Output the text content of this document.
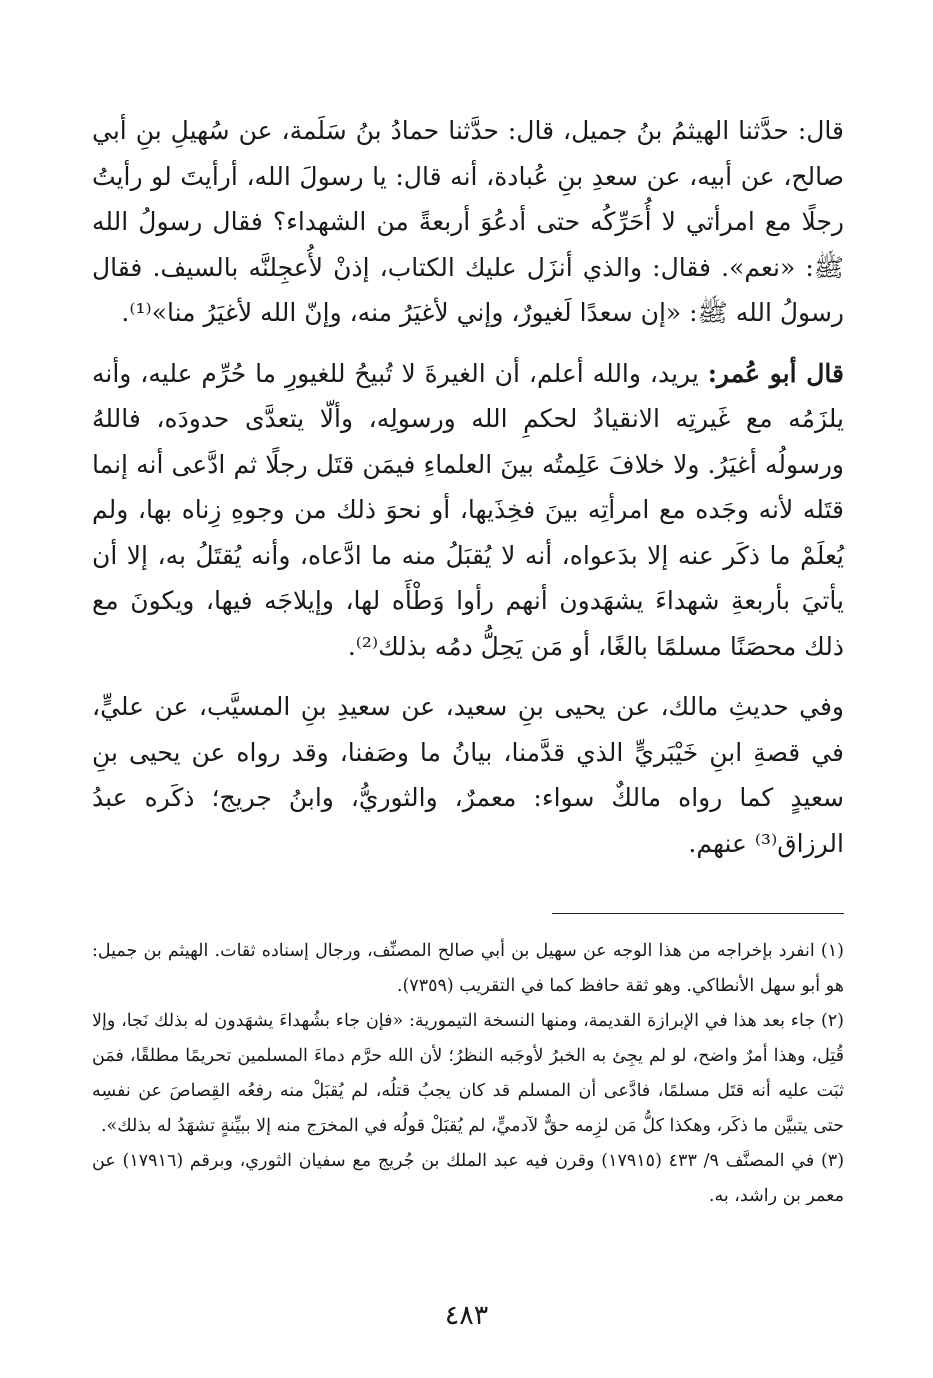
قال: حدَّثنا الهيثمُ بنُ جميل، قال: حدَّثنا حمادُ بنُ سَلَمة، عن سُهيلِ بنِ أبي صالح، عن أبيه، عن سعدِ بنِ عُبادة، أنه قال: يا رسولَ الله، أرأيتَ لو رأيتُ رجلًا مع امرأتي لا أُحَرِّكُه حتى أدعُوَ أربعةً من الشهداء؟ فقال رسولُ الله ﷺ: «نعم». فقال: والذي أنزَل عليك الكتاب، إذنْ لأُعجِلنَّه بالسيف. فقال رسولُ الله ﷺ: «إن سعدًا لَغيورٌ، وإني لأغيَرُ منه، وإنّ الله لأغيَرُ منا»⁽¹⁾.

قال أبو عُمر: يريد، والله أعلم، أن الغيرةَ لا تُبيحُ للغيورِ ما حُرِّم عليه، وأنه يلزَمُه مع غَيرتِه الانقيادُ لحكمِ الله ورسولِه، وألّا يتعدَّى حدودَه، فاللهُ ورسولُه أغيَرُ. ولا خلافَ عَلِمتُه بينَ العلماءِ فيمَن قتَل رجلًا ثم ادَّعى أنه إنما قتَله لأنه وجَده مع امرأتِه بينَ فخِذَيها، أو نحوَ ذلك من وجوهِ زِناه بها، ولم يُعلَمْ ما ذكَر عنه إلا بدَعواه، أنه لا يُقبَلُ منه ما ادَّعاه، وأنه يُقتَلُ به، إلا أن يأتيَ بأربعةِ شهداءَ يشهَدون أنهم رأوا وَطْأَه لها، وإيلاجَه فيها، ويكونَ مع ذلك محصَنًا مسلمًا بالغًا، أو مَن يَحِلُّ دمُه بذلك⁽²⁾.

وفي حديثِ مالك، عن يحيى بنِ سعيد، عن سعيدِ بنِ المسيَّب، عن عليٍّ، في قصةِ ابنِ خَيْبَريٍّ الذي قدَّمنا، بيانُ ما وصَفنا، وقد رواه عن يحيى بنِ سعيدٍ كما رواه مالكٌ سواء: معمرٌ، والثوريُّ، وابنُ جريج؛ ذكَره عبدُ الرزاق⁽³⁾ عنهم.

(١) انفرد بإخراجه من هذا الوجه عن سهيل بن أبي صالح المصنِّف، ورجال إسناده ثقات. الهيثم بن جميل: هو أبو سهل الأنطاكي. وهو ثقة حافظ كما في التقريب (٧٣٥٩).

(٢) جاء بعد هذا في الإبرازة القديمة، ومنها النسخة التيمورية: «فإن جاء بشُهداءَ يشهَدون له بذلك نَجا، وإلا قُتِل، وهذا أمرٌ واضح، لو لم يجِئ به الخبرُ لأوجَبه النظرُ؛ لأن الله حرَّم دماءَ المسلمين تحريمًا مطلقًا، فمَن ثبَت عليه أنه قتَل مسلمًا، فادَّعى أن المسلم قد كان يجبُ قتلُه، لم يُقبَلْ منه رفعُه القِصاصَ عن نفسِه حتى يتبيَّن ما ذكَر، وهكذا كلُّ مَن لزِمه حقٌّ لآدميٍّ، لم يُقبَلْ قولُه في المخرَج منه إلا ببيِّنةٍ تشهَدُ له بذلك».

(٣) في المصنَّف ٩/ ٤٣٣ (١٧٩١٥) وقرن فيه عبد الملك بن جُريج مع سفيان الثوري، وبرقم (١٧٩١٦) عن معمر بن راشد، به.

٤٨٣
